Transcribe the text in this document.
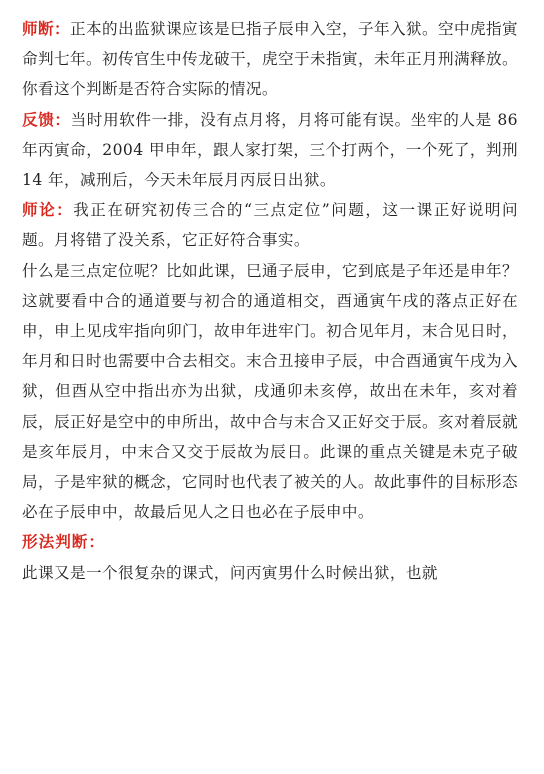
师断：正本的出监狱课应该是巳指子辰申入空，子年入狱。空中虎指寅命判七年。初传官生中传龙破干，虎空于未指寅，未年正月刑满释放。你看这个判断是否符合实际的情况。

反馈：当时用软件一排，没有点月将，月将可能有误。坐牢的人是 86 年丙寅命，2004 甲申年，跟人家打架，三个打两个，一个死了，判刑 14 年，减刑后，今天未年辰月丙辰日出狱。

师论：我正在研究初传三合的“三点定位”问题，这一课正好说明问题。月将错了没关系，它正好符合事实。

什么是三点定位呢？比如此课，巳通子辰申，它到底是子年还是申年？这就要看中合的通道要与初合的通道相交，酉通寅午戌的落点正好在申，申上见戌牢指向卯门，故申年进牢门。初合见年月，末合见日时，年月和日时也需要中合去相交。末合丑接申子辰，中合酉通寅午戌为入狱，但酉从空中指出亦为出狱，戌通卯未亥停，故出在未年，亥对着辰，辰正好是空中的申所出，故中合与末合又正好交于辰。亥对着辰就是亥年辰月，中末合又交于辰故为辰日。此课的重点关键是未克子破局，子是牢狱的概念，它同时也代表了被关的人。故此事件的目标形态必在子辰申中，故最后见人之日也必在子辰申中。

形法判断：

此课又是一个很复杂的课式，问丙寅男什么时候出狱，也就
